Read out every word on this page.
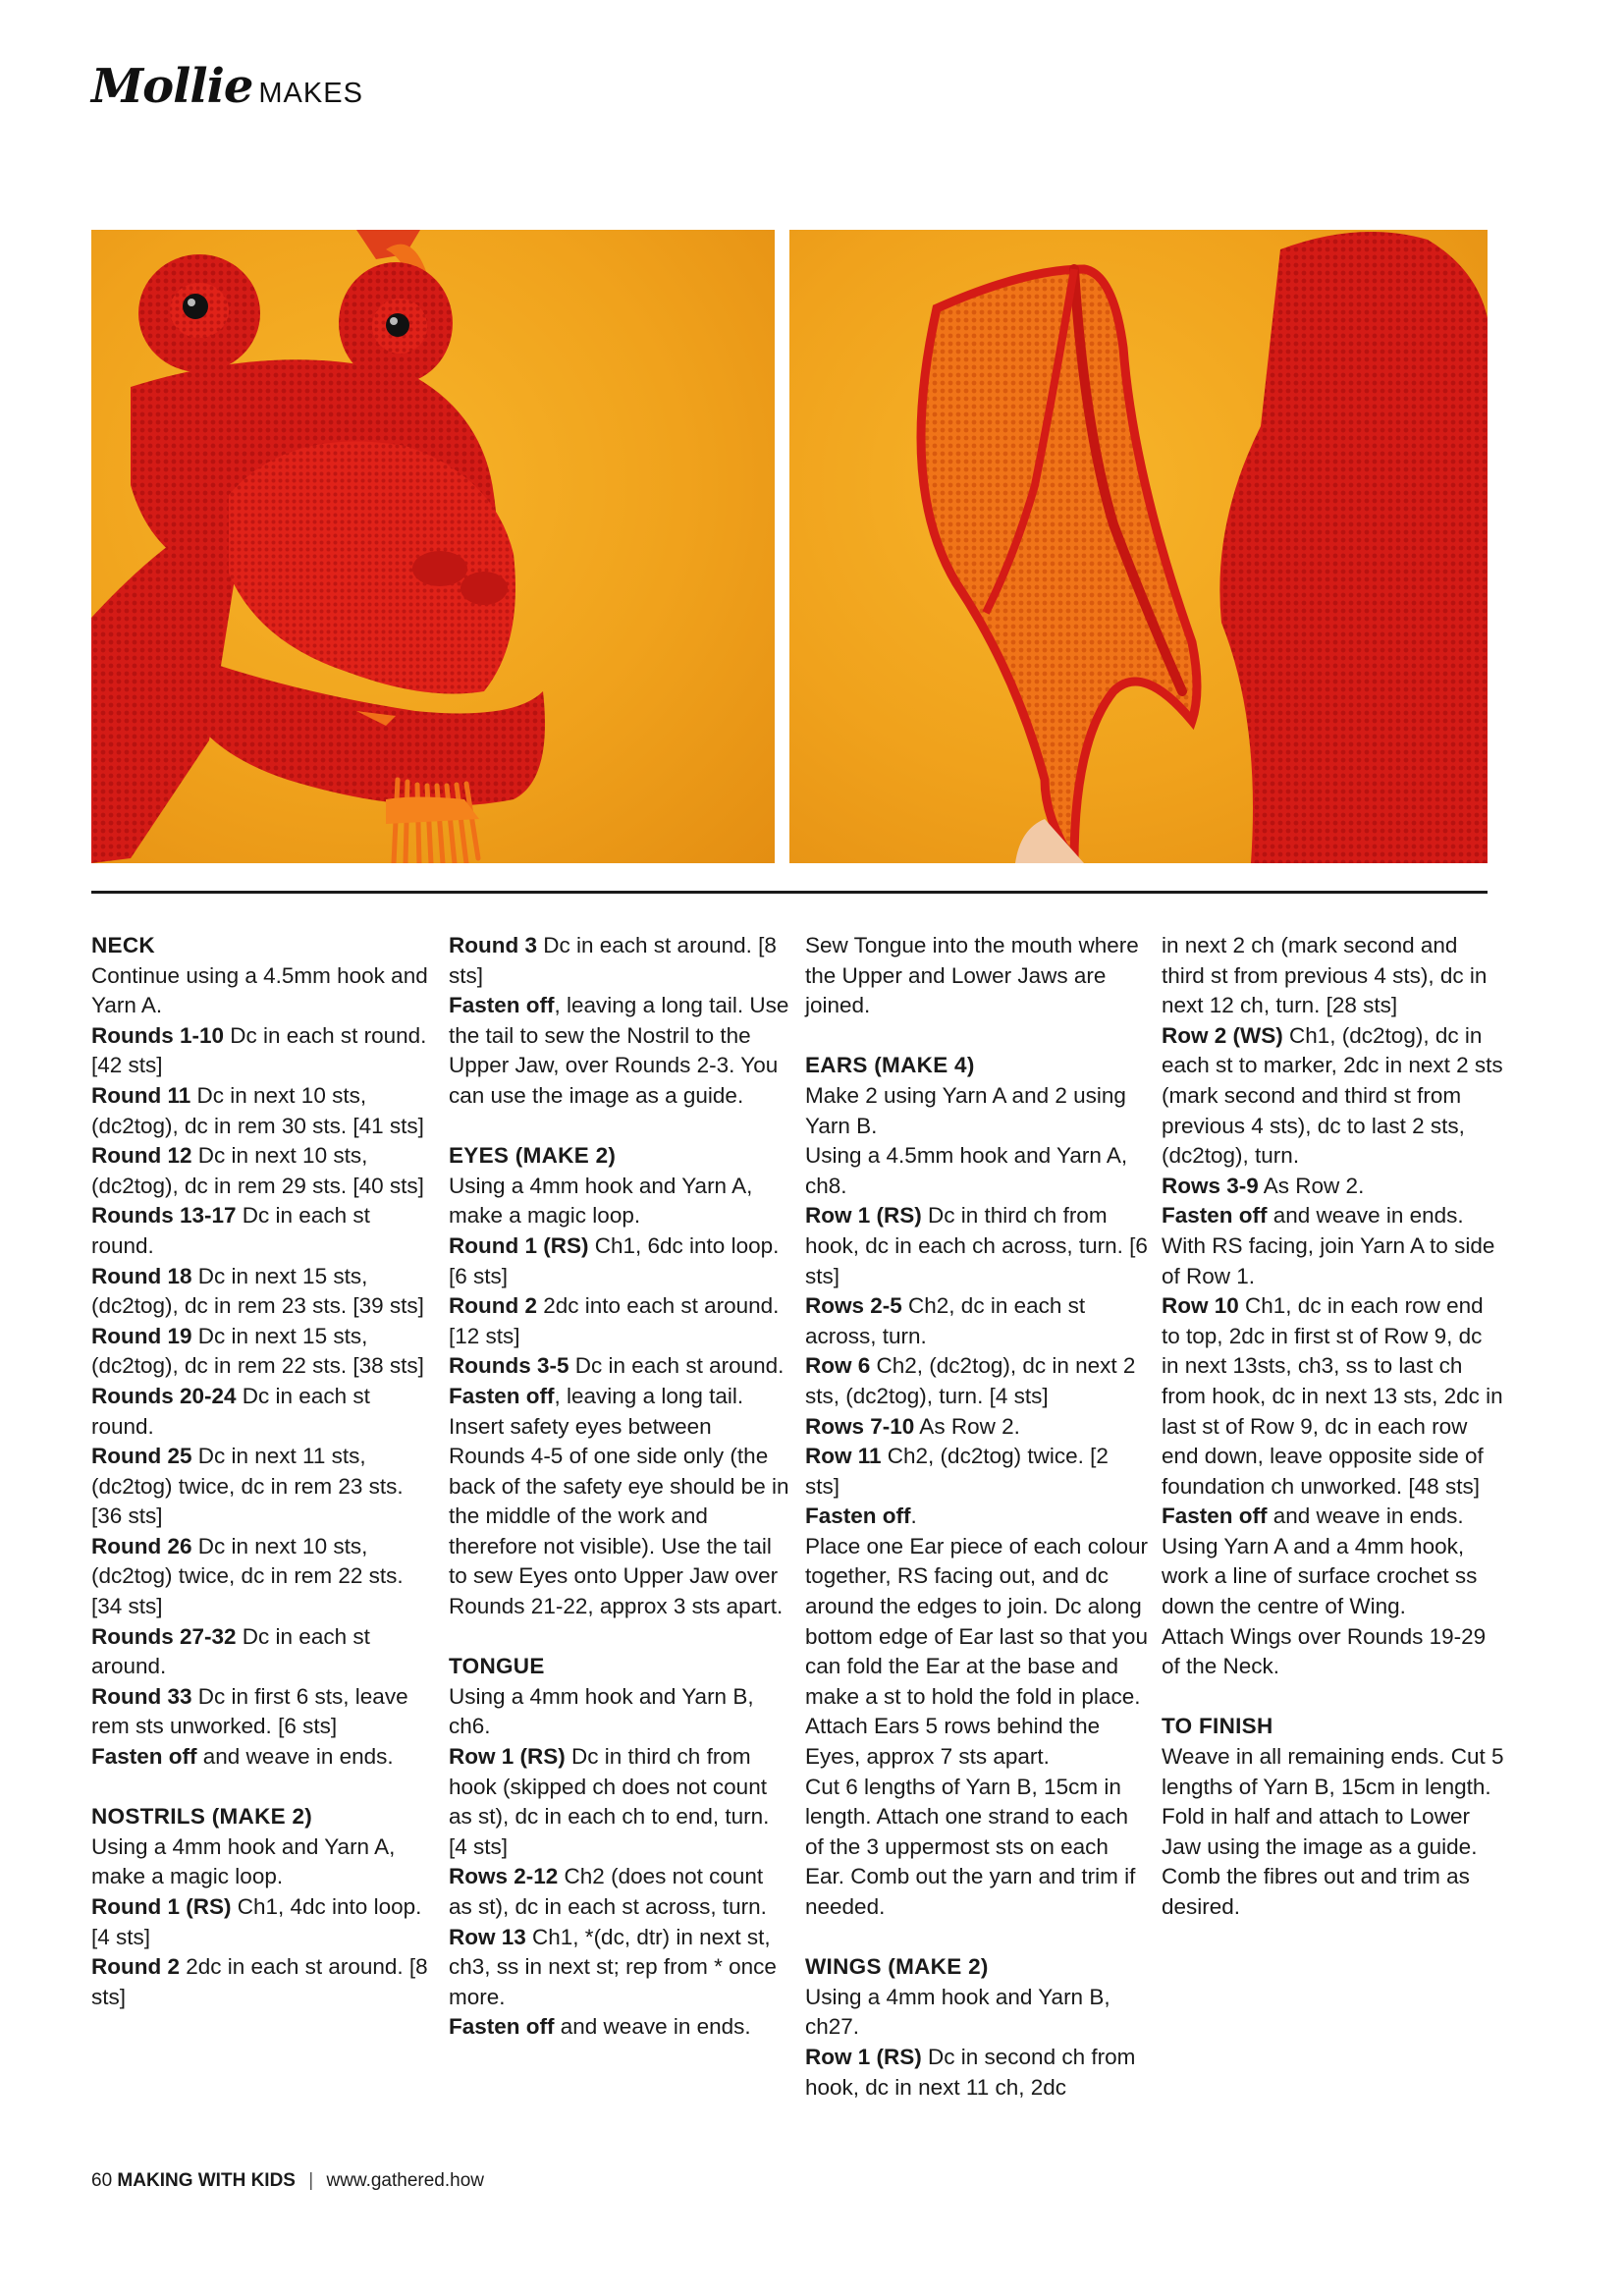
Mollie MAKES

NECK

Continue using a 4.5mm hook and Yarn A.

Rounds 1-10 Dc in each st round. [42 sts]

Round 11 Dc in next 10 sts, (dc2tog), dc in rem 30 sts. [41 sts]

Round 12 Dc in next 10 sts, (dc2tog), dc in rem 29 sts. [40 sts]

Rounds 13-17 Dc in each st round.

Round 18 Dc in next 15 sts, (dc2tog), dc in rem 23 sts. [39 sts]

Round 19 Dc in next 15 sts, (dc2tog), dc in rem 22 sts. [38 sts]

Rounds 20-24 Dc in each st round.

Round 25 Dc in next 11 sts, (dc2tog) twice, dc in rem 23 sts. [36 sts]

Round 26 Dc in next 10 sts, (dc2tog) twice, dc in rem 22 sts. [34 sts]

Rounds 27-32 Dc in each st around.

Round 33 Dc in first 6 sts, leave rem sts unworked. [6 sts]

Fasten off and weave in ends.

NOSTRILS (MAKE 2)

Using a 4mm hook and Yarn A, make a magic loop.

Round 1 (RS) Ch1, 4dc into loop. [4 sts]

Round 2 2dc in each st around. [8 sts]

Round 3 Dc in each st around. [8 sts]

Fasten off, leaving a long tail. Use the tail to sew the Nostril to the Upper Jaw, over Rounds 2-3. You can use the image as a guide.

EYES (MAKE 2)

Using a 4mm hook and Yarn A, make a magic loop.

Round 1 (RS) Ch1, 6dc into loop. [6 sts]

Round 2 2dc into each st around. [12 sts]

Rounds 3-5 Dc in each st around.

Fasten off, leaving a long tail. Insert safety eyes between Rounds 4-5 of one side only (the back of the safety eye should be in the middle of the work and therefore not visible). Use the tail to sew Eyes onto Upper Jaw over Rounds 21-22, approx 3 sts apart.

TONGUE

Using a 4mm hook and Yarn B, ch6.

Row 1 (RS) Dc in third ch from hook (skipped ch does not count as st), dc in each ch to end, turn. [4 sts]

Rows 2-12 Ch2 (does not count as st), dc in each st across, turn.

Row 13 Ch1, *(dc, dtr) in next st, ch3, ss in next st; rep from * once more.

Fasten off and weave in ends.

Sew Tongue into the mouth where the Upper and Lower Jaws are joined.

EARS (MAKE 4)

Make 2 using Yarn A and 2 using Yarn B.

Using a 4.5mm hook and Yarn A, ch8.

Row 1 (RS) Dc in third ch from hook, dc in each ch across, turn. [6 sts]

Rows 2-5 Ch2, dc in each st across, turn.

Row 6 Ch2, (dc2tog), dc in next 2 sts, (dc2tog), turn. [4 sts]

Rows 7-10 As Row 2.

Row 11 Ch2, (dc2tog) twice. [2 sts]

Fasten off.

Place one Ear piece of each colour together, RS facing out, and dc around the edges to join. Dc along bottom edge of Ear last so that you can fold the Ear at the base and make a st to hold the fold in place.

Attach Ears 5 rows behind the Eyes, approx 7 sts apart.

Cut 6 lengths of Yarn B, 15cm in length. Attach one strand to each of the 3 uppermost sts on each Ear. Comb out the yarn and trim if needed.

WINGS (MAKE 2)

Using a 4mm hook and Yarn B, ch27.

Row 1 (RS) Dc in second ch from hook, dc in next 11 ch, 2dc

in next 2 ch (mark second and third st from previous 4 sts), dc in next 12 ch, turn. [28 sts]

Row 2 (WS) Ch1, (dc2tog), dc in each st to marker, 2dc in next 2 sts (mark second and third st from previous 4 sts), dc to last 2 sts, (dc2tog), turn.

Rows 3-9 As Row 2.

Fasten off and weave in ends.

With RS facing, join Yarn A to side of Row 1.

Row 10 Ch1, dc in each row end to top, 2dc in first st of Row 9, dc in next 13sts, ch3, ss to last ch from hook, dc in next 13 sts, 2dc in last st of Row 9, dc in each row end down, leave opposite side of foundation ch unworked. [48 sts]

Fasten off and weave in ends.

Using Yarn A and a 4mm hook, work a line of surface crochet ss down the centre of Wing.

Attach Wings over Rounds 19-29 of the Neck.

TO FINISH

Weave in all remaining ends. Cut 5 lengths of Yarn B, 15cm in length. Fold in half and attach to Lower Jaw using the image as a guide. Comb the fibres out and trim as desired.

60 MAKING WITH KIDS | www.gathered.how
